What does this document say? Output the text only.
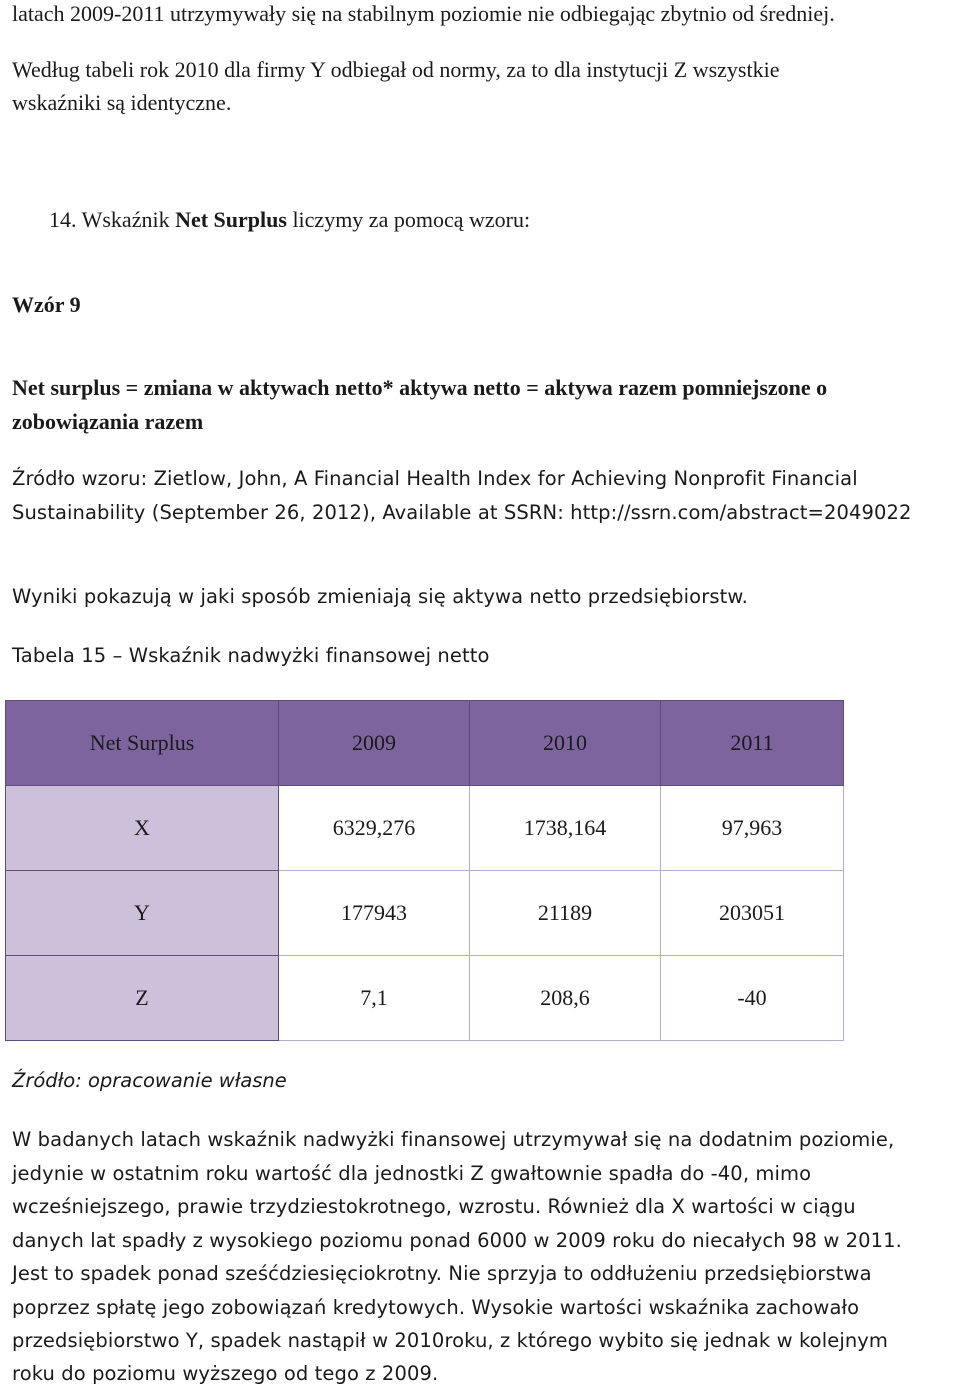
latach 2009-2011 utrzymywały się na stabilnym poziomie nie odbiegając zbytnio od średniej.
Według tabeli rok 2010 dla firmy Y odbiegał od normy, za to dla instytucji Z wszystkie
wskaźniki są identyczne.
14. Wskaźnik Net Surplus liczymy za pomocą wzoru:
Wzór 9
Net surplus = zmiana w aktywach netto* aktywa netto = aktywa razem pomniejszone o
zobowiązania razem
Źródło wzoru: Zietlow, John, A Financial Health Index for Achieving Nonprofit Financial
Sustainability (September 26, 2012), Available at SSRN: http://ssrn.com/abstract=2049022
Wyniki pokazują w jaki sposób zmieniają się aktywa netto przedsiębiorstw.
Tabela 15 – Wskaźnik nadwyżki finansowej netto
Net Surplus	2009	2010	2011
X	6329,276	1738,164	97,963
Y	177943	21189	203051
Z	7,1	208,6	-40
Źródło: opracowanie własne
W badanych latach wskaźnik nadwyżki finansowej utrzymywał się na dodatnim poziomie,
jedynie w ostatnim roku wartość dla jednostki Z gwałtownie spadła do -40, mimo
wcześniejszego, prawie trzydziestokrotnego, wzrostu. Również dla X wartości w ciągu
danych lat spadły z wysokiego poziomu ponad 6000 w 2009 roku do niecałych 98 w 2011.
Jest to spadek ponad sześćdziesięciokrotny. Nie sprzyja to oddłużeniu przedsiębiorstwa
poprzez spłatę jego zobowiązań kredytowych. Wysokie wartości wskaźnika zachowało
przedsiębiorstwo Y, spadek nastąpił w 2010roku, z którego wybito się jednak w kolejnym
roku do poziomu wyższego od tego z 2009.
